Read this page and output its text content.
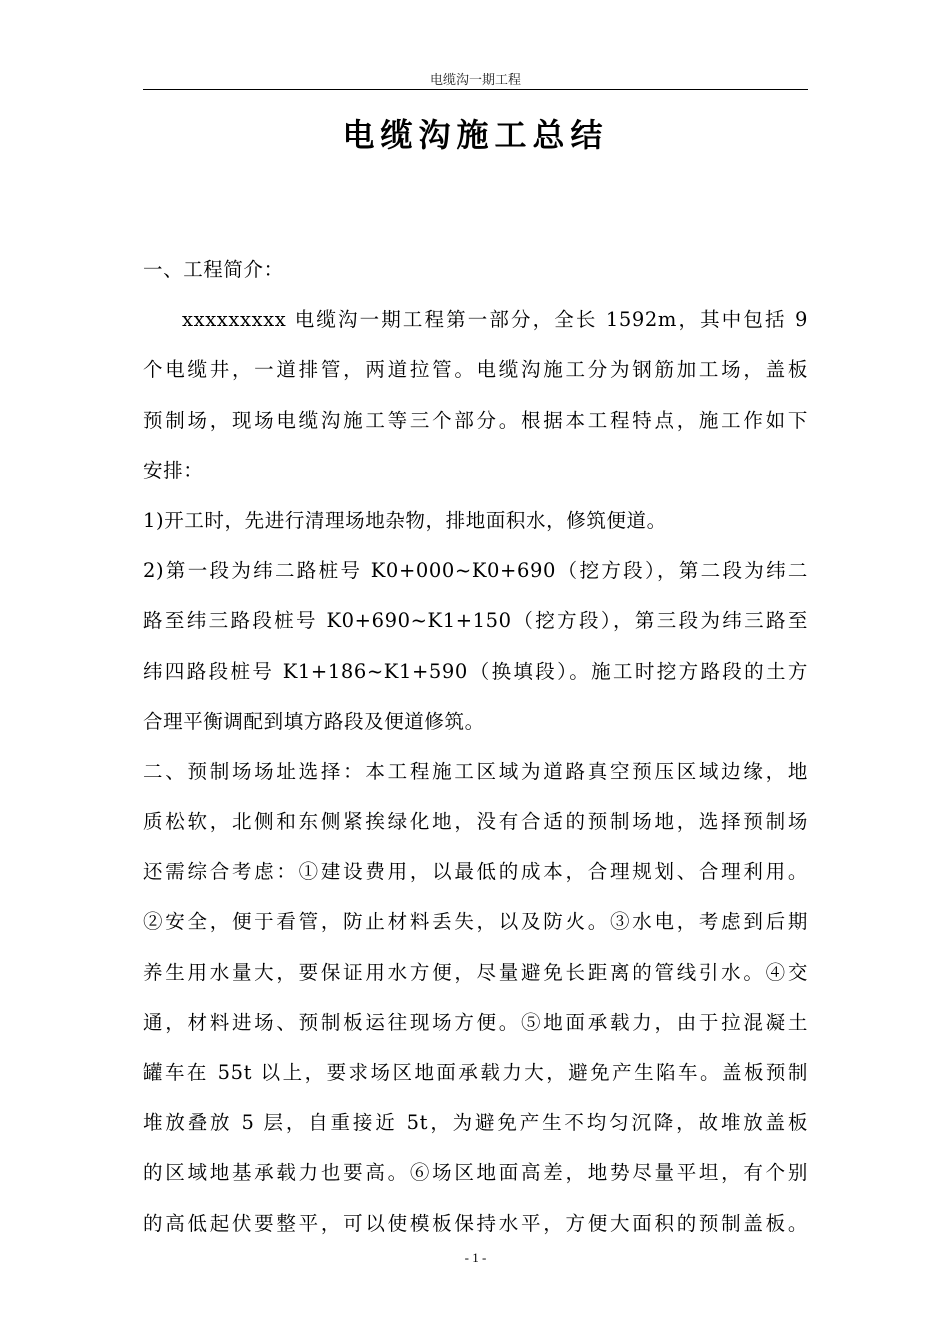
电缆沟一期工程
电缆沟施工总结
一、工程简介：
xxxxxxxxx 电缆沟一期工程第一部分，全长 1592m，其中包括 9
个电缆井，一道排管，两道拉管。电缆沟施工分为钢筋加工场，盖板
预制场，现场电缆沟施工等三个部分。根据本工程特点，施工作如下
安排：
1)开工时，先进行清理场地杂物，排地面积水，修筑便道。
2)第一段为纬二路桩号 K0+000~K0+690（挖方段），第二段为纬二
路至纬三路段桩号 K0+690~K1+150（挖方段），第三段为纬三路至
纬四路段桩号 K1+186~K1+590（换填段）。施工时挖方路段的土方
合理平衡调配到填方路段及便道修筑。
二、预制场场址选择：本工程施工区域为道路真空预压区域边缘，地
质松软，北侧和东侧紧挨绿化地，没有合适的预制场地，选择预制场
还需综合考虑：①建设费用，以最低的成本，合理规划、合理利用。
②安全，便于看管，防止材料丢失，以及防火。③水电，考虑到后期
养生用水量大，要保证用水方便，尽量避免长距离的管线引水。④交
通，材料进场、预制板运往现场方便。⑤地面承载力，由于拉混凝土
罐车在 55t 以上，要求场区地面承载力大，避免产生陷车。盖板预制
堆放叠放 5 层，自重接近 5t，为避免产生不均匀沉降，故堆放盖板
的区域地基承载力也要高。⑥场区地面高差，地势尽量平坦，有个别
的高低起伏要整平，可以使模板保持水平，方便大面积的预制盖板。
- 1 -
